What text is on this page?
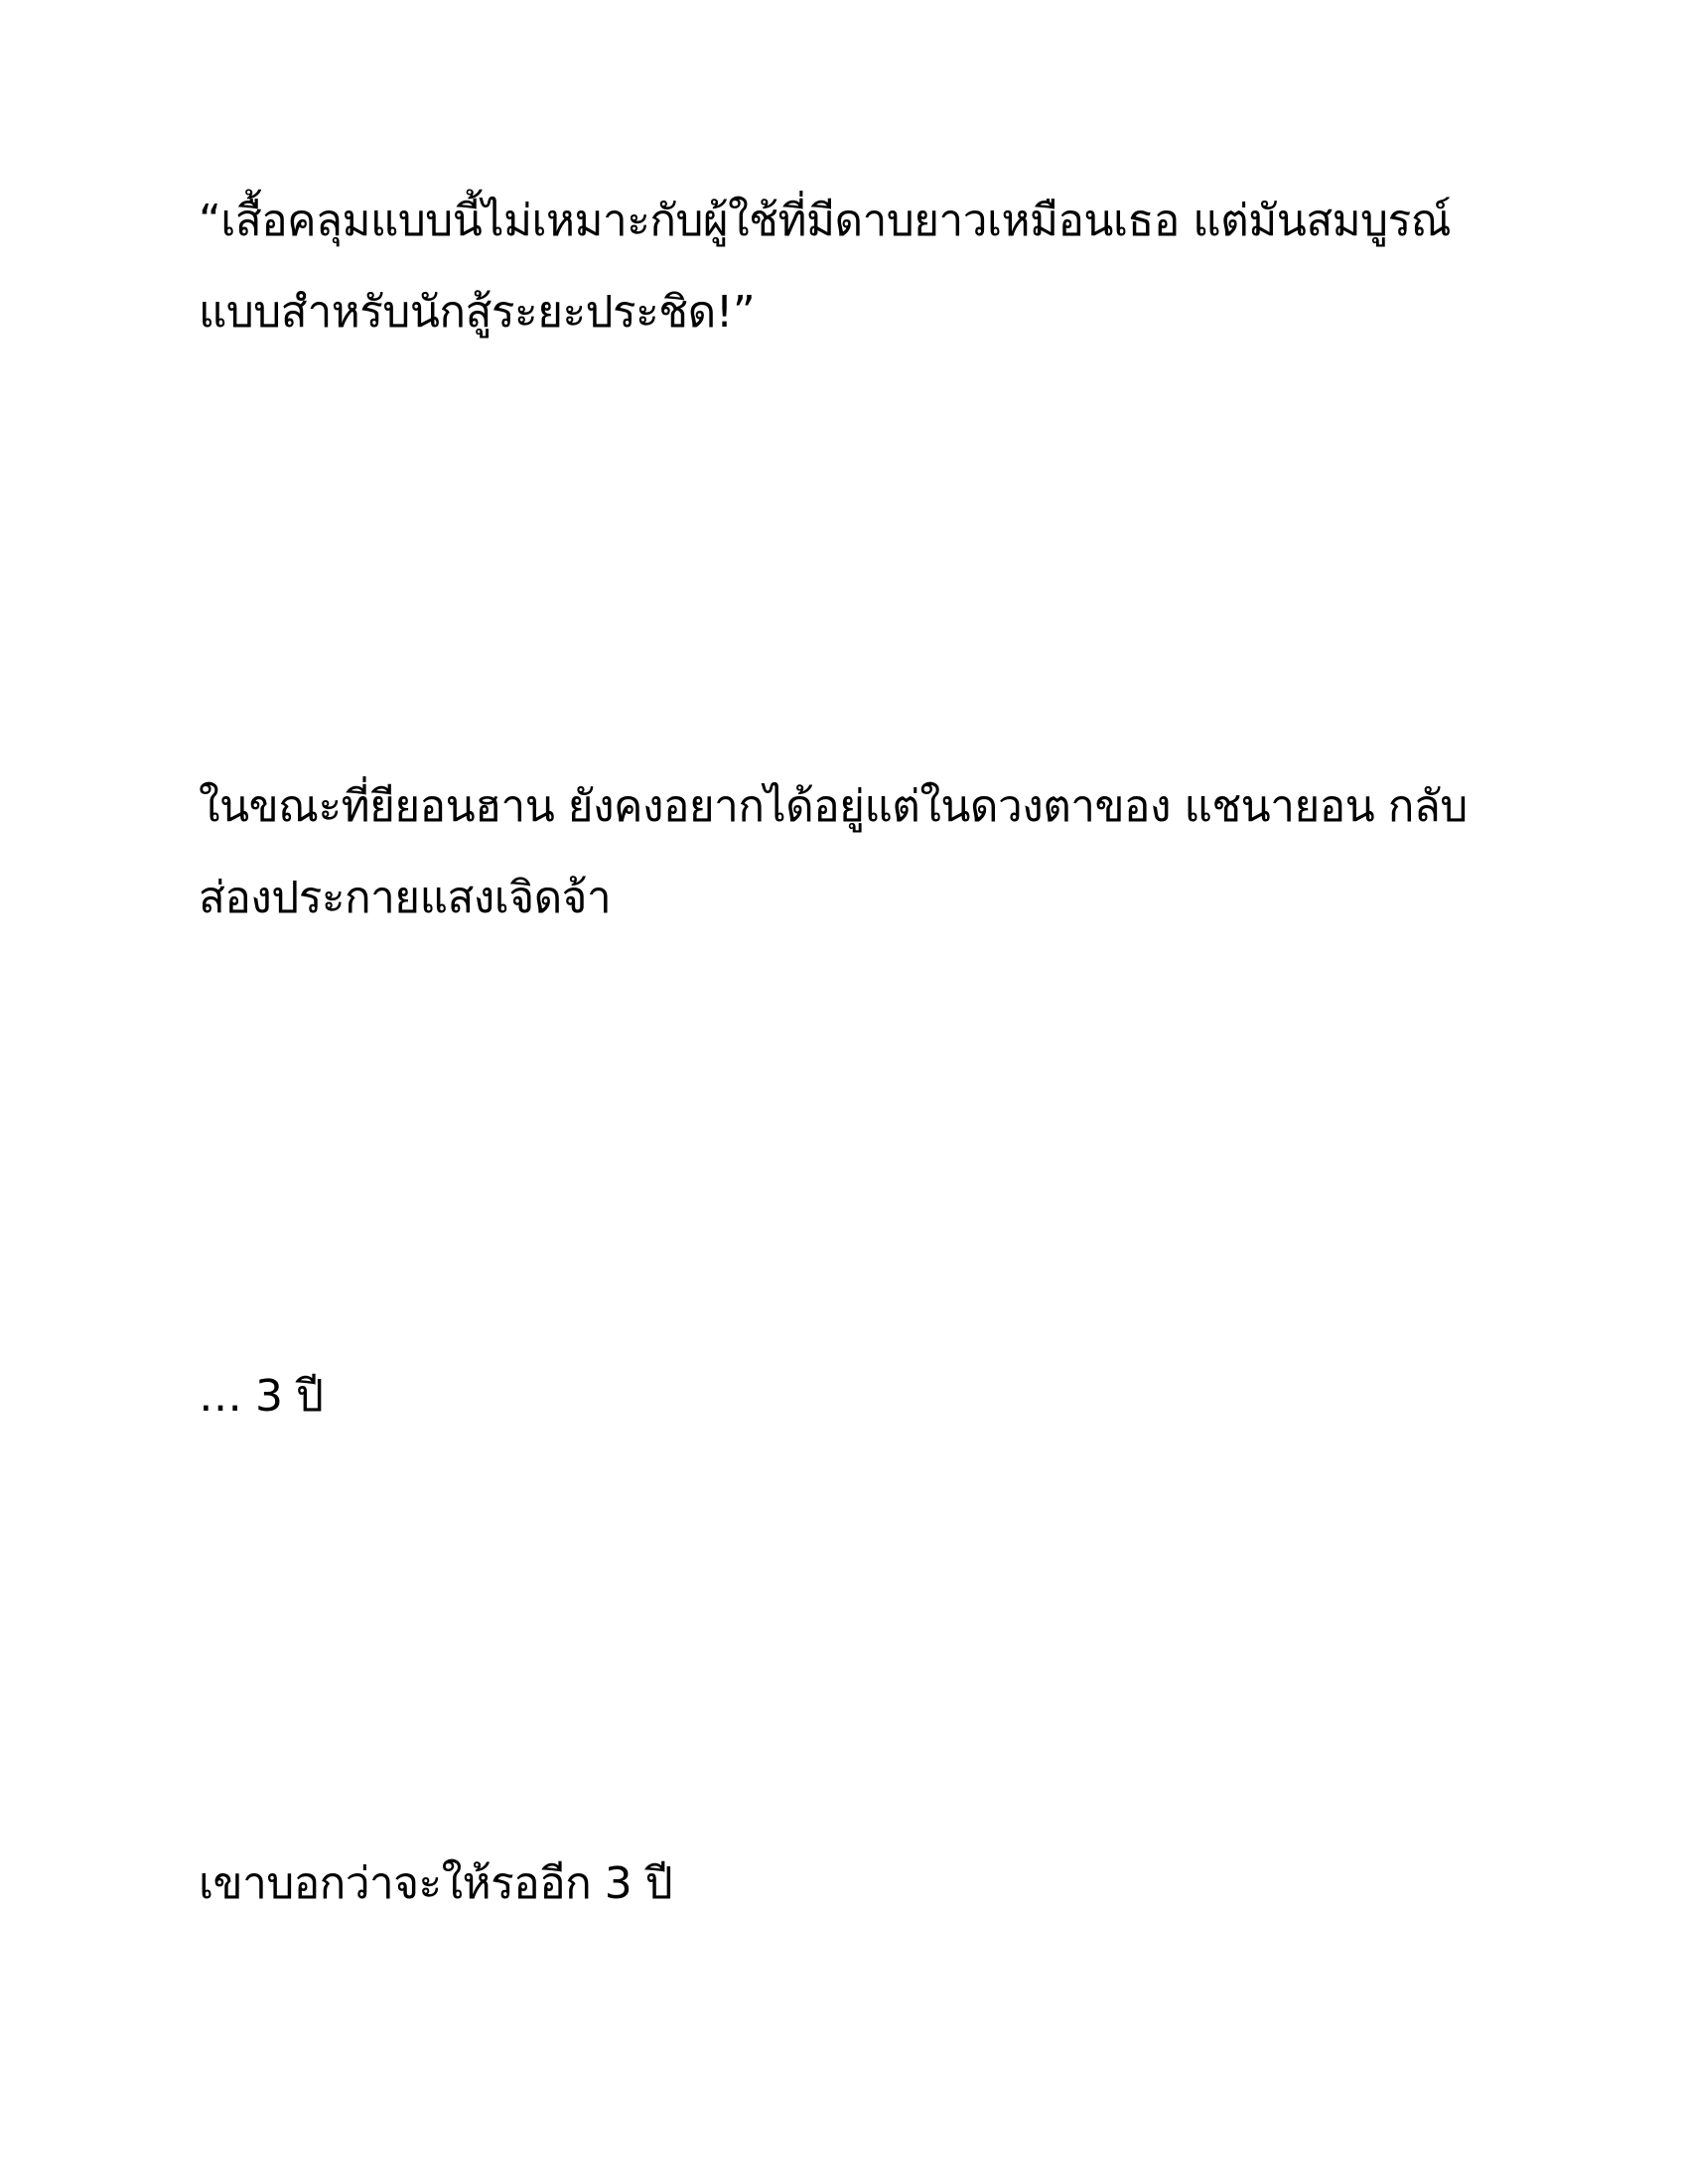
“เสื้อคลุมแบบนี้ไม่เหมาะกับผู้ใช้ที่มีดาบยาวเหมือนเธอ แต่มันสมบูรณ์
แบบสำหรับนักสู้ระยะประชิด!”
ในขณะที่ยียอนฮาน ยังคงอยากได้อยู่แต่ในดวงตาของ แชนายอน กลับ
ส่องประกายแสงเจิดจ้า
… 3 ปี
เขาบอกว่าจะให้รออีก 3 ปี
